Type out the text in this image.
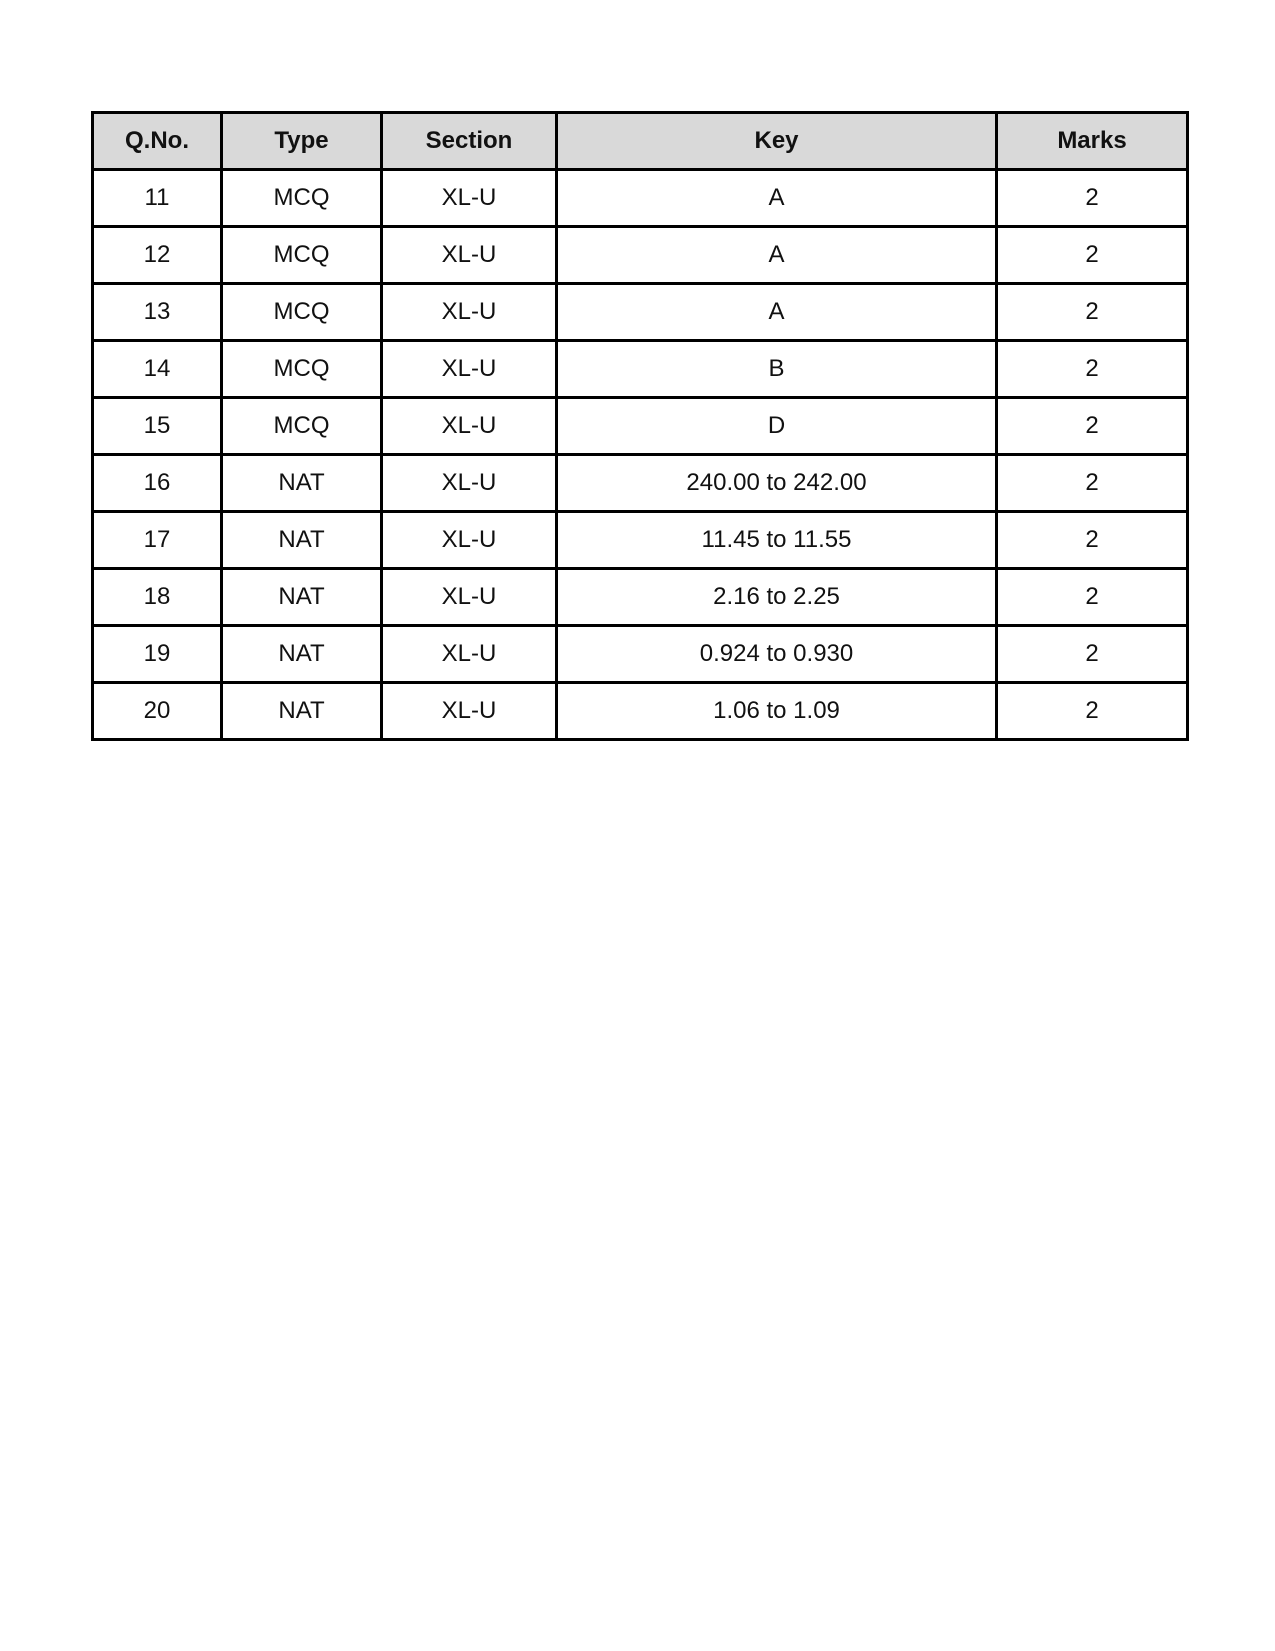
Q.No.	Type	Section	Key	Marks
11	MCQ	XL-U	A	2
12	MCQ	XL-U	A	2
13	MCQ	XL-U	A	2
14	MCQ	XL-U	B	2
15	MCQ	XL-U	D	2
16	NAT	XL-U	240.00 to 242.00	2
17	NAT	XL-U	11.45 to 11.55	2
18	NAT	XL-U	2.16 to 2.25	2
19	NAT	XL-U	0.924 to 0.930	2
20	NAT	XL-U	1.06 to 1.09	2
